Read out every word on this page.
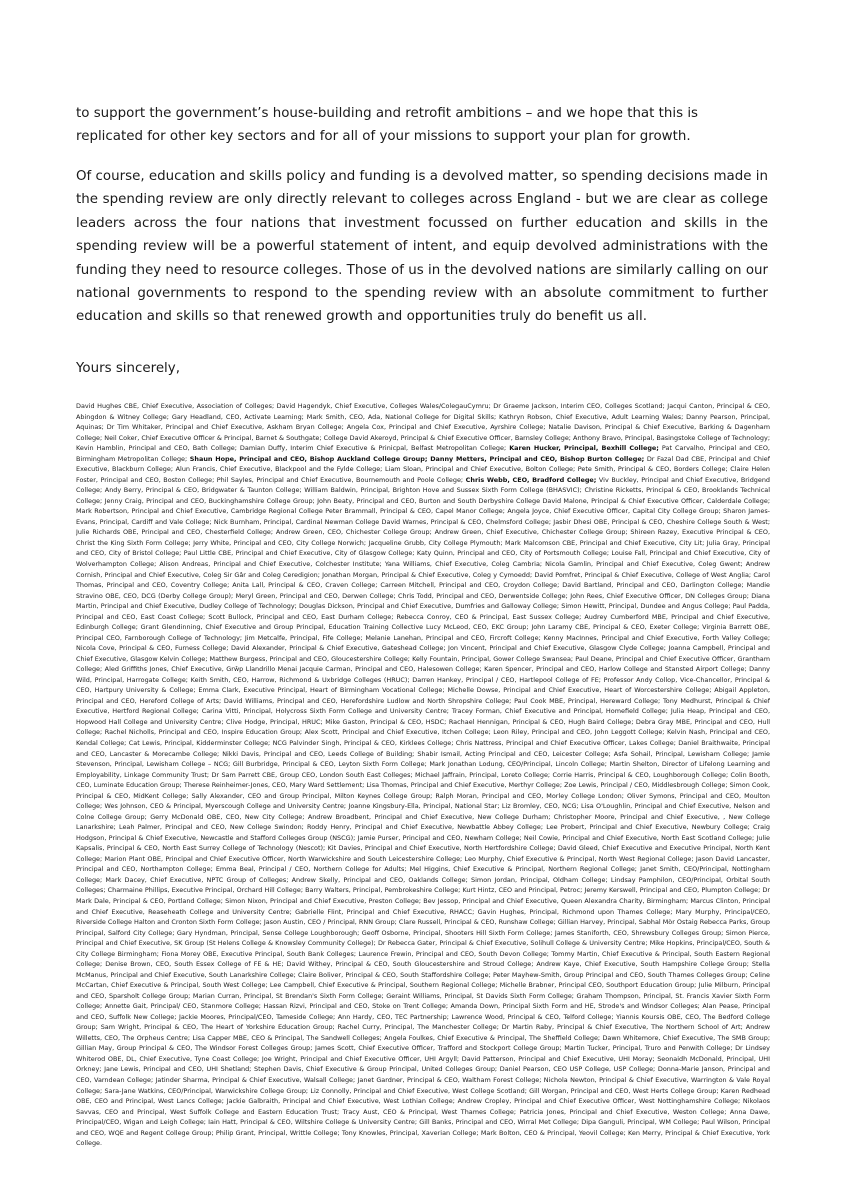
to support the government’s house-building and retrofit ambitions – and we hope that this is replicated for other key sectors and for all of your missions to support your plan for growth.

Of course, education and skills policy and funding is a devolved matter, so spending decisions made in the spending review are only directly relevant to colleges across England - but we are clear as college leaders across the four nations that investment focussed on further education and skills in the spending review will be a powerful statement of intent, and equip devolved administrations with the funding they need to resource colleges. Those of us in the devolved nations are similarly calling on our national governments to respond to the spending review with an absolute commitment to further education and skills so that renewed growth and opportunities truly do benefit us all.

Yours sincerely,

David Hughes CBE, Chief Executive, Association of Colleges; David Hagendyk, Chief Executive, Colleges Wales/ColegauCymru; Dr Graeme Jackson, Interim CEO, Colleges Scotland; Jacqui Canton, Principal & CEO, Abingdon & Witney College; Gary Headland, CEO, Activate Learning; Mark Smith, CEO, Ada, National College for Digital Skills; Kathryn Robson, Chief Executive, Adult Learning Wales; Danny Pearson, Principal, Aquinas; Dr Tim Whitaker, Principal and Chief Executive, Askham Bryan College; Angela Cox, Principal and Chief Executive, Ayrshire College; Natalie Davison, Principal & Chief Executive, Barking & Dagenham College; Neil Coker, Chief Executive Officer & Principal, Barnet & Southgate; College David Akeroyd, Principal & Chief Executive Officer, Barnsley College; Anthony Bravo, Principal, Basingstoke College of Technology; Kevin Hamblin, Principal and CEO, Bath College; Damian Duffy, Interim Chief Executive & Prinicpal, Belfast Metropolitan College; Karen Hucker, Principal, Bexhill College; Pat Carvalho, Principal and CEO, Birmingham Metropolitan College; Shaun Hope, Principal and CEO, Bishop Auckland College Group; Danny Metters, Principal and CEO, Bishop Burton College; Dr Fazal Dad CBE, Principal and Chief Executive, Blackburn College; Alun Francis, Chief Executive, Blackpool and the Fylde College; Liam Sloan, Principal and Chief Executive, Bolton College; Pete Smith, Principal & CEO, Borders College; Claire Helen Foster, Principal and CEO, Boston College; Phil Sayles, Principal and Chief Executive, Bournemouth and Poole College; Chris Webb, CEO, Bradford College; Viv Buckley, Principal and Chief Executive, Bridgend College; Andy Berry, Principal & CEO, Bridgwater & Taunton College; William Baldwin, Principal, Brighton Hove and Sussex Sixth Form College (BHASVIC); Christine Ricketts, Principal & CEO, Brooklands Technical College; Jenny Craig, Principal and CEO, Buckinghamshire College Group; John Beaty, Principal and CEO, Burton and South Derbyshire College David Malone, Principal & Chief Executive Officer, Calderdale College; Mark Robertson, Principal and Chief Executive, Cambridge Regional College Peter Brammall, Principal & CEO, Capel Manor College; Angela Joyce, Chief Executive Officer, Capital City College Group; Sharon James-Evans, Principal, Cardiff and Vale College; Nick Burnham, Principal, Cardinal Newman College David Warnes, Principal & CEO, Chelmsford College; Jasbir Dhesi OBE, Principal & CEO, Cheshire College South & West; Julie Richards OBE, Principal and CEO, Chesterfield College; Andrew Green, CEO, Chichester College Group; Andrew Green, Chief Executive, Chichester College Group; Shireen Razey, Executive Principal & CEO, Christ the King Sixth Form College; Jerry White, Principal and CEO, City College Norwich; Jacqueline Grubb, City College Plymouth; Mark Malcomson CBE, Principal and Chief Executive, City Lit; Julia Gray, Principal and CEO, City of Bristol College; Paul Little CBE, Principal and Chief Executive, City of Glasgow College; Katy Quinn, Principal and CEO, City of Portsmouth College; Louise Fall, Principal and Chief Executive, City of Wolverhampton College; Alison Andreas, Principal and Chief Executive, Colchester Institute; Yana Williams, Chief Executive, Coleg Cambria; Nicola Gamlin, Principal and Chief Executive, Coleg Gwent; Andrew Cornish, Principal and Chief Executive, Coleg Sir Gâr and Coleg Ceredigion; Jonathan Morgan, Principal & Chief Executive, Coleg y Cymoedd; David Pomfret, Principal & Chief Executive, College of West Anglia; Carol Thomas, Principal and CEO, Coventry College; Anita Lall, Principal & CEO, Craven College; Carreen Mitchell, Principal and CEO, Croydon College; David Bartland, Principal and CEO, Darlington College; Mandie Stravino OBE, CEO, DCG (Derby College Group); Meryl Green, Principal and CEO, Derwen College; Chris Todd, Principal and CEO, Derwentside College; John Rees, Chief Executive Officer, DN Colleges Group; Diana Martin, Principal and Chief Executive, Dudley College of Technology; Douglas Dickson, Principal and Chief Executive, Dumfries and Galloway College; Simon Hewitt, Principal, Dundee and Angus College; Paul Padda, Principal and CEO, East Coast College; Scott Bullock, Principal and CEO, East Durham College; Rebecca Conroy, CEO & Principal, East Sussex College; Audrey Cumberford MBE, Principal and Chief Executive, Edinburgh College; Grant Glendinning, Chief Executive and Group Principal, Education Training Collective Lucy McLeod, CEO, EKC Group; John Laramy CBE, Principal & CEO, Exeter College; Virginia Barrett OBE, Principal CEO, Farnborough College of Technology; Jim Metcalfe, Principal, Fife College; Melanie Lanehan, Principal and CEO, Fircroft College; Kenny MacInnes, Principal and Chief Executive, Forth Valley College; Nicola Cove, Principal & CEO, Furness College; David Alexander, Principal & Chief Executive, Gateshead College; Jon Vincent, Principal and Chief Executive, Glasgow Clyde College; Joanna Campbell, Principal and Chief Executive, Glasgow Kelvin College; Matthew Burgess, Principal and CEO, Gloucestershire College; Kelly Fountain, Principal, Gower College Swansea; Paul Deane, Principal and Chief Executive Officer, Grantham College; Aled Griffiths Jones, Chief Executive, Grŵp Llandrillo Menai Jacquie Carman, Principal and CEO, Halesowen College; Karen Spencer, Principal and CEO, Harlow College and Stansted Airport College; Danny Wild, Principal, Harrogate College; Keith Smith, CEO, Harrow, Richmond & Uxbridge Colleges (HRUC); Darren Hankey, Principal / CEO, Hartlepool College of FE; Professor Andy Collop, Vice-Chancellor, Principal & CEO, Hartpury University & College; Emma Clark, Executive Principal, Heart of Birmingham Vocational College; Michelle Dowse, Principal and Chief Executive, Heart of Worcestershire College; Abigail Appleton, Principal and CEO, Hereford College of Arts; David Williams, Principal and CEO, Herefordshire Ludlow and North Shropshire College; Paul Cook MBE, Principal, Hereward College; Tony Medhurst, Principal & Chief Executive, Hertford Regional College; Carina Vitti, Principal, Holycross Sixth Form College and University Centre; Tracey Forman, Chief Executive and Principal, Homefield College; Julia Heap, Principal and CEO, Hopwood Hall College and University Centre; Clive Hodge, Principal, HRUC; Mike Gaston, Principal & CEO, HSDC; Rachael Hennigan, Principal & CEO, Hugh Baird College; Debra Gray MBE, Principal and CEO, Hull College; Rachel Nicholls, Principal and CEO, Inspire Education Group; Alex Scott, Principal and Chief Executive, Itchen College; Leon Riley, Principal and CEO, John Leggott College; Kelvin Nash, Principal and CEO, Kendal College; Cat Lewis, Principal, Kidderminster College; NCG Palvinder Singh, Principal & CEO, Kirklees College; Chris Nattress, Principal and Chief Executive Officer, Lakes College; Daniel Braithwaite, Principal and CEO, Lancaster & Morecambe College; Nikki Davis, Principal and CEO, Leeds College of Building; Shabir Ismail, Acting Principal and CEO, Leicester College; Asfa Sohail, Principal, Lewisham College; Jamie Stevenson, Principal, Lewisham College – NCG; Gill Burbridge, Principal & CEO, Leyton Sixth Form College; Mark Jonathan Lodung, CEO/Principal, Lincoln College; Martin Shelton, Director of Lifelong Learning and Employability, Linkage Community Trust; Dr Sam Parrett CBE, Group CEO, London South East Colleges; Michael Jaffrain, Principal, Loreto College; Corrie Harris, Principal & CEO, Loughborough College; Colin Booth, CEO, Luminate Education Group; Therese Reinheimer-Jones, CEO, Mary Ward Settlement; Lisa Thomas, Principal and Chief Executive, Merthyr College; Zoe Lewis, Principal / CEO, Middlesbrough College; Simon Cook, Principal & CEO, MidKent College; Sally Alexander, CEO and Group Principal, Milton Keynes College Group; Ralph Moran, Principal and CEO, Morley College London; Oliver Symons, Principal and CEO, Moulton College; Wes Johnson, CEO & Principal, Myerscough College and University Centre; Joanne Kingsbury-Ella, Principal, National Star; Liz Bromley, CEO, NCG; Lisa O'Loughlin, Principal and Chief Executive, Nelson and Colne College Group; Gerry McDonald OBE, CEO, New City College; Andrew Broadbent, Principal and Chief Executive, New College Durham; Christopher Moore, Principal and Chief Executive, , New College Lanarkshire; Leah Palmer, Principal and CEO, New College Swindon; Roddy Henry, Principal and Chief Executive, Newbattle Abbey College; Lee Probert, Principal and Chief Executive, Newbury College; Craig Hodgson, Principal & Chief Executive, Newcastle and Stafford Colleges Group (NSCG); Jamie Purser, Principal and CEO, Newham College; Neil Cowie, Principal and Chief Executive, North East Scotland College; Julie Kapsalis, Principal & CEO, North East Surrey College of Technology (Nescot); Kit Davies, Principal and Chief Executive, North Hertfordshire College; David Gleed, Chief Executive and Executive Principal, North Kent College; Marion Plant OBE, Principal and Chief Executive Officer, North Warwickshire and South Leicestershire College; Leo Murphy, Chief Executive & Principal, North West Regional College; Jason David Lancaster, Principal and CEO, Northampton College; Emma Beal, Principal / CEO, Northern College for Adults; Mel Higgins, Chief Executive & Principal, Northern Regional College; Janet Smith, CEO/Principal, Nottingham College; Mark Dacey, Chief Executive, NPTC Group of Colleges; Andrew Skelly, Principal and CEO, Oaklands College; Simon Jordan, Principal, Oldham College; Lindsay Pamphilon, CEO/Principal, Orbital South Colleges; Charmaine Phillips, Executive Principal, Orchard Hill College; Barry Walters, Principal, Pembrokeshire College; Kurt Hintz, CEO and Principal, Petroc; Jeremy Kerswell, Principal and CEO, Plumpton College; Dr Mark Dale, Principal & CEO, Portland College; Simon Nixon, Principal and Chief Executive, Preston College; Bev Jessop, Principal and Chief Executive, Queen Alexandra Charity, Birmingham; Marcus Clinton, Principal and Chief Executive, Reaseheath College and University Centre; Gabrielle Flint, Principal and Chief Executive, RHACC; Gavin Hughes, Principal, Richmond upon Thames College; Mary Murphy, Principal/CEO, Riverside College Halton and Cronton Sixth Form College; Jason Austin, CEO / Principal, RNN Group; Clare Russell, Principal & CEO, Runshaw College; Gillian Harvey, Principal, Sabhal Mòr Ostaig Rebecca Parks, Group Principal, Salford City College; Gary Hyndman, Principal, Sense College Loughborough; Geoff Osborne, Principal, Shooters Hill Sixth Form College; James Staniforth, CEO, Shrewsbury Colleges Group; Simon Pierce, Principal and Chief Executive, SK Group (St Helens College & Knowsley Community College); Dr Rebecca Gater, Principal & Chief Executive, Solihull College & University Centre; Mike Hopkins, Principal/CEO, South & City College Birmingham; Fiona Morey OBE, Executive Principal, South Bank Colleges; Laurence Frewin, Principal and CEO, South Devon College; Tommy Martin, Chief Executive & Principal, South Eastern Regional College; Denise Brown, CEO, South Essex College of FE & HE; David Withey, Principal & CEO, South Gloucestershire and Stroud College; Andrew Kaye, Chief Executive, South Hampshire College Group; Stella McManus, Principal and Chief Executive, South Lanarkshire College; Claire Boliver, Principal & CEO, South Staffordshire College; Peter Mayhew-Smith, Group Principal and CEO, South Thames Colleges Group; Celine McCartan, Chief Executive & Principal, South West College; Lee Campbell, Chief Executive & Principal, Southern Regional College; Michelle Brabner, Principal CEO, Southport Education Group; Julie Milburn, Principal and CEO, Sparsholt College Group; Marian Curran, Principal, St Brendan's Sixth Form College; Geraint Williams, Principal, St Davids Sixth Form College; Graham Thompson, Principal, St. Francis Xavier Sixth Form College; Annette Gait, Principal/ CEO, Stanmore College; Hassan Rizvi, Principal and CEO, Stoke on Trent College; Amanda Down, Principal Sixth Form and HE, Strode's and Windsor Colleges; Alan Pease, Principal and CEO, Suffolk New College; Jackie Moores, Principal/CEO, Tameside College; Ann Hardy, CEO, TEC Partnership; Lawrence Wood, Principal & CEO, Telford College; Yiannis Koursis OBE, CEO, The Bedford College Group; Sam Wright, Principal & CEO, The Heart of Yorkshire Education Group; Rachel Curry, Principal, The Manchester College; Dr Martin Raby, Principal & Chief Executive, The Northern School of Art; Andrew Willetts, CEO, The Orpheus Centre; Lisa Capper MBE, CEO & Principal, The Sandwell Colleges; Angela Foulkes, Chief Executive & Principal, The Sheffield College; Dawn Whitemore, Chief Executive, The SMB Group; Gillian May, Group Principal & CEO, The Windsor Forest Colleges Group; James Scott, Chief Executive Officer, Trafford and Stockport College Group; Martin Tucker, Principal, Truro and Penwith College; Dr Lindsey Whiterod OBE, DL, Chief Executive, Tyne Coast College; Joe Wright, Principal and Chief Executive Officer, UHI Argyll; David Patterson, Principal and Chief Executive, UHI Moray; Seonaidh McDonald, Principal, UHI Orkney; Jane Lewis, Principal and CEO, UHI Shetland; Stephen Davis, Chief Executive & Group Principal, United Colleges Group; Daniel Pearson, CEO USP College, USP College; Donna-Marie Janson, Principal and CEO, Varndean College; Jatinder Sharma, Principal & Chief Executive, Walsall College; Janet Gardner, Principal & CEO, Waltham Forest College; Nichola Newton, Principal & Chief Executive, Warrington & Vale Royal College; Sara-Jane Watkins, CEO/Principal, Warwickshire College Group; Liz Connolly, Principal and Chief Executive, West College Scotland; Gill Worgan, Principal and CEO, West Herts College Group; Karen Redhead OBE, CEO and Principal, West Lancs College; Jackie Galbraith, Principal and Chief Executive, West Lothian College; Andrew Cropley, Principal and Chief Executive Officer, West Nottinghamshire College; Nikolaos Savvas, CEO and Principal, West Suffolk College and Eastern Education Trust; Tracy Aust, CEO & Principal, West Thames College; Patricia Jones, Principal and Chief Executive, Weston College; Anna Dawe, Principal/CEO, Wigan and Leigh College; Iain Hatt, Principal & CEO, Wiltshire College & University Centre; Gill Banks, Principal and CEO, Wirral Met College; Dipa Ganguli, Principal, WM College; Paul Wilson, Principal and CEO, WQE and Regent College Group; Philip Grant, Principal, Writtle College; Tony Knowles, Principal, Xaverian College; Mark Bolton, CEO & Principal, Yeovil College; Ken Merry, Principal & Chief Executive, York College.
